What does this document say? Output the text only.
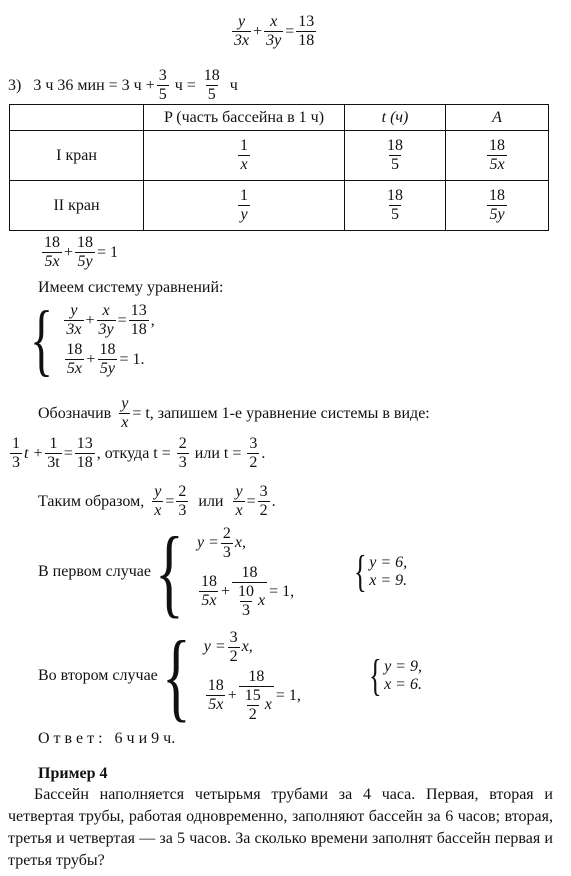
$\frac{y}{3x} + \frac{x}{3y} = \frac{13}{18}$
3) 3 ч 36 мин = 3 $ч + \frac{3}{5}$ $ч = \frac{18}{5}$ ч
	P (часть бассейна в 1 ч)	t (ч)	A
I кран	$\frac{1}{x}$	$\frac{18}{5}$	$\frac{18}{5x}$

II кран	$\frac{1}{y}$	$\frac{18}{5}$	$\frac{18}{5y}$
$\frac{18}{5x} + \frac{18}{5y} = 1$
Имеем систему уравнений:
{ $\frac{y}{3x} + \frac{x}{3y} = \frac{13}{18}$ ,
$\frac{18}{5x} + \frac{18}{5y} = 1$.
Обозначив $\frac{y}{x} = t$, запишем 1-е уравнение системы в виде:
$\frac{1}{3}$ $t + \frac{1}{3t} = \frac{13}{18}$ , откуда $t = \frac{2}{3}$ или $t = \frac{3}{2}$ .
Таким образом, $\frac{y}{x} = \frac{2}{3}$ или $\frac{y}{x} = \frac{3}{2}$ .
В первом случае { $y = \frac{2}{3} x$,
$\frac{18}{5x} + \frac{18}{\frac{10}{3} x} = 1$, { y = 6,
x = 9.
Во втором случае { $y = \frac{3}{2} x$,
$\frac{18}{5x} + \frac{18}{\frac{15}{2} x} = 1$, { y = 9,
x = 6.
Ответ: 6 ч и 9 ч.
Пример 4
Бассейн наполняется четырьмя трубами за 4 часа. Первая, вторая и четвертая трубы, работая одновременно, заполняют бассейн за 6 часов; вторая, третья и четвертая — за 5 часов. За сколько времени заполнят бассейн первая и третья трубы?
